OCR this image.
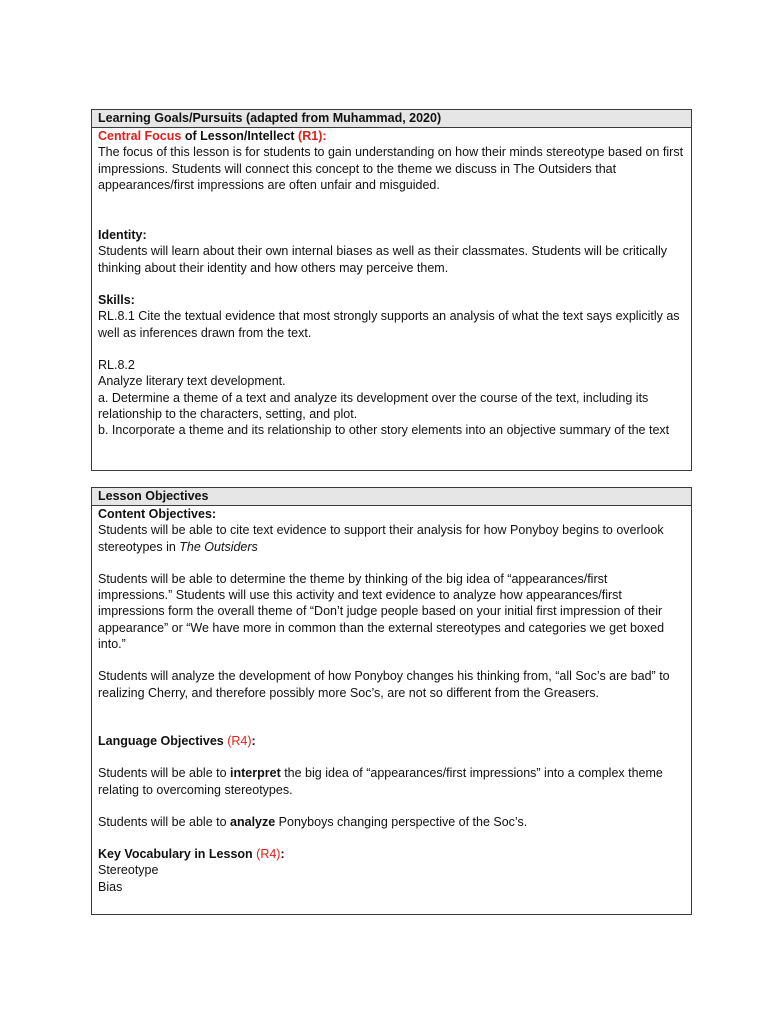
Learning Goals/Pursuits (adapted from Muhammad, 2020)

Central Focus of Lesson/Intellect (R1):

The focus of this lesson is for students to gain understanding on how their minds stereotype based on first impressions. Students will connect this concept to the theme we discuss in The Outsiders that appearances/first impressions are often unfair and misguided.

Identity:

Students will learn about their own internal biases as well as their classmates. Students will be critically thinking about their identity and how others may perceive them.

Skills:

RL.8.1 Cite the textual evidence that most strongly supports an analysis of what the text says explicitly as well as inferences drawn from the text.

RL.8.2

Analyze literary text development.

a. Determine a theme of a text and analyze its development over the course of the text, including its relationship to the characters, setting, and plot.

b. Incorporate a theme and its relationship to other story elements into an objective summary of the text

Lesson Objectives

Content Objectives:

Students will be able to cite text evidence to support their analysis for how Ponyboy begins to overlook stereotypes in The Outsiders

Students will be able to determine the theme by thinking of the big idea of “appearances/first impressions.” Students will use this activity and text evidence to analyze how appearances/first impressions form the overall theme of “Don’t judge people based on your initial first impression of their appearance” or “We have more in common than the external stereotypes and categories we get boxed into.”

Students will analyze the development of how Ponyboy changes his thinking from, “all Soc’s are bad” to realizing Cherry, and therefore possibly more Soc’s, are not so different from the Greasers.

Language Objectives (R4):

Students will be able to interpret the big idea of “appearances/first impressions” into a complex theme relating to overcoming stereotypes.

Students will be able to analyze Ponyboys changing perspective of the Soc’s.

Key Vocabulary in Lesson (R4):

Stereotype

Bias
